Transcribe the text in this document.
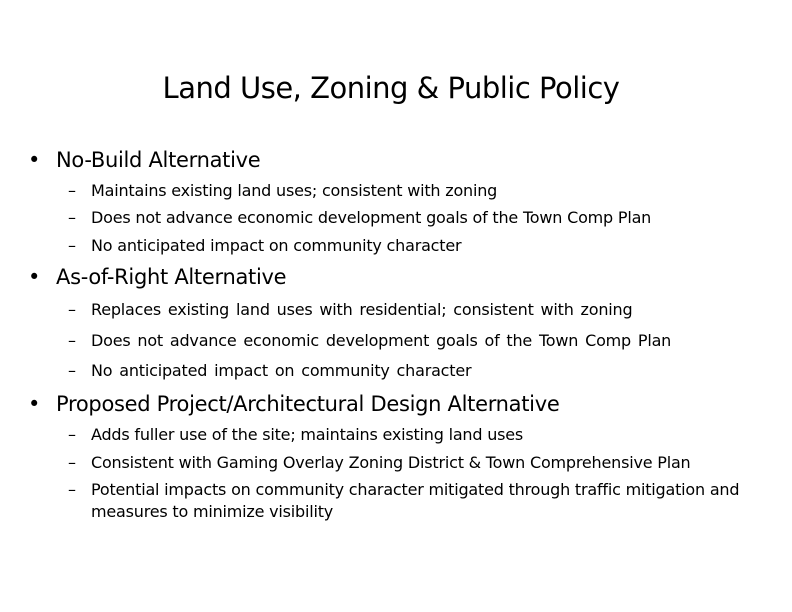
Land Use, Zoning & Public Policy
• No-Build Alternative
– Maintains existing land uses; consistent with zoning
– Does not advance economic development goals of the Town Comp Plan
– No anticipated impact on community character
• As-of-Right Alternative
– Replaces existing land uses with residential; consistent with zoning
– Does not advance economic development goals of the Town Comp Plan
– No anticipated impact on community character
• Proposed Project/Architectural Design Alternative
– Adds fuller use of the site; maintains existing land uses
– Consistent with Gaming Overlay Zoning District & Town Comprehensive Plan
– Potential impacts on community character mitigated through traffic mitigation and measures to minimize visibility
